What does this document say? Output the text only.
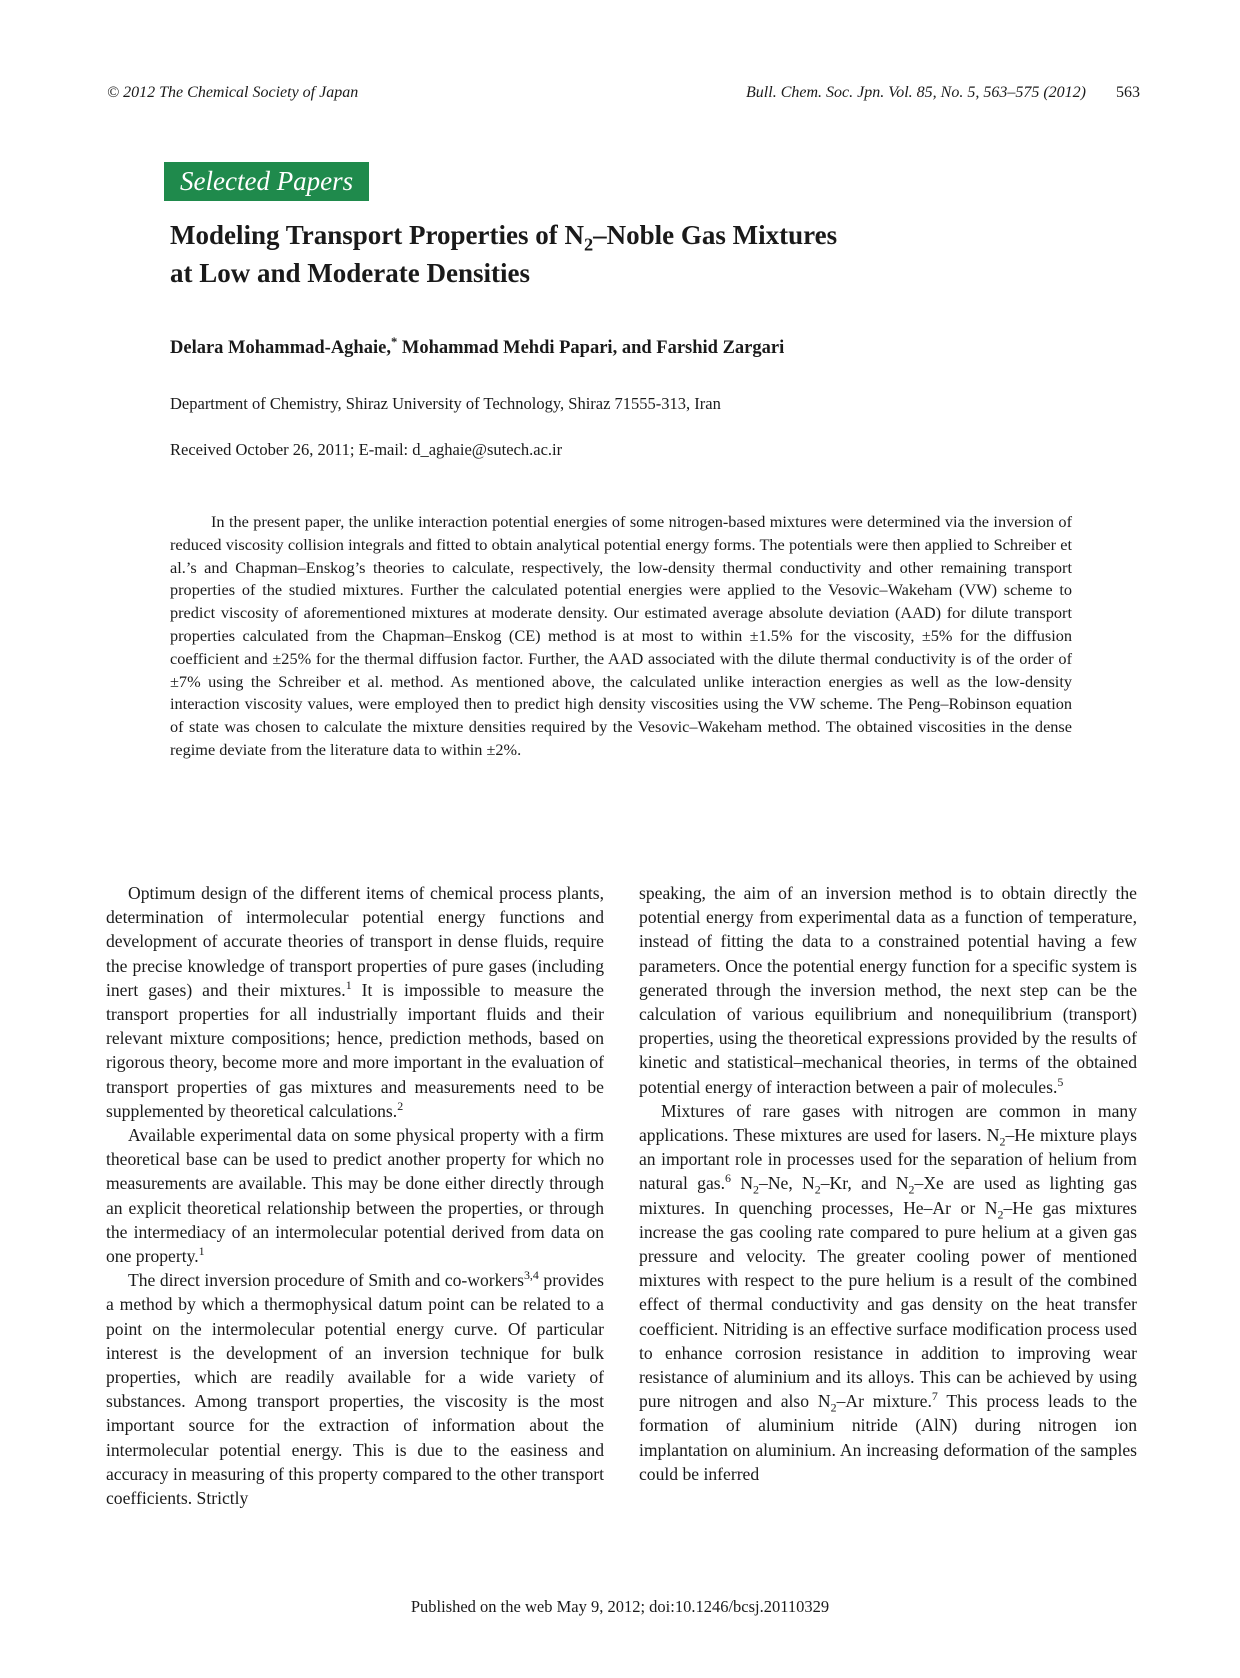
© 2012 The Chemical Society of Japan	Bull. Chem. Soc. Jpn. Vol. 85, No. 5, 563–575 (2012) 563
Selected Papers
Modeling Transport Properties of $N_2$–Noble Gas Mixtures
at Low and Moderate Densities
Delara Mohammad-Aghaie,* Mohammad Mehdi Papari, and Farshid Zargari
Department of Chemistry, Shiraz University of Technology, Shiraz 71555-313, Iran
Received October 26, 2011; E-mail: d_aghaie@sutech.ac.ir

In the present paper, the unlike interaction potential energies of some nitrogen-based mixtures were determined via the inversion of reduced viscosity collision integrals and fitted to obtain analytical potential energy forms. The potentials were then applied to Schreiber et al.’s and Chapman–Enskog’s theories to calculate, respectively, the low-density thermal conductivity and other remaining transport properties of the studied mixtures. Further the calculated potential energies were applied to the Vesovic–Wakeham (VW) scheme to predict viscosity of aforementioned mixtures at moderate density. Our estimated average absolute deviation (AAD) for dilute transport properties calculated from the Chapman–Enskog (CE) method is at most to within ±1.5% for the viscosity, ±5% for the diffusion coefficient and ±25% for the thermal diffusion factor. Further, the AAD associated with the dilute thermal conductivity is of the order of ±7% using the Schreiber et al. method. As mentioned above, the calculated unlike interaction energies as well as the low-density interaction viscosity values, were employed then to predict high density viscosities using the VW scheme. The Peng–Robinson equation of state was chosen to calculate the mixture densities required by the Vesovic–Wakeham method. The obtained viscosities in the dense regime deviate from the literature data to within ±2%.

Optimum design of the different items of chemical process plants, determination of intermolecular potential energy functions and development of accurate theories of transport in dense fluids, require the precise knowledge of transport properties of pure gases (including inert gases) and their mixtures.$^1$ It is impossible to measure the transport properties for all industrially important fluids and their relevant mixture compositions; hence, prediction methods, based on rigorous theory, become more and more important in the evaluation of transport properties of gas mixtures and measurements need to be supplemented by theoretical calculations.$^2$

Available experimental data on some physical property with a firm theoretical base can be used to predict another property for which no measurements are available. This may be done either directly through an explicit theoretical relationship between the properties, or through the intermediacy of an intermolecular potential derived from data on one property.$^1$

The direct inversion procedure of Smith and co-workers$^{3,4}$ provides a method by which a thermophysical datum point can be related to a point on the intermolecular potential energy curve. Of particular interest is the development of an inversion technique for bulk properties, which are readily available for a wide variety of substances. Among transport properties, the viscosity is the most important source for the extraction of information about the intermolecular potential energy. This is due to the easiness and accuracy in measuring of this property compared to the other transport coefficients. Strictly

speaking, the aim of an inversion method is to obtain directly the potential energy from experimental data as a function of temperature, instead of fitting the data to a constrained potential having a few parameters. Once the potential energy function for a specific system is generated through the inversion method, the next step can be the calculation of various equilibrium and nonequilibrium (transport) properties, using the theoretical expressions provided by the results of kinetic and statistical–mechanical theories, in terms of the obtained potential energy of interaction between a pair of molecules.$^5$

Mixtures of rare gases with nitrogen are common in many applications. These mixtures are used for lasers. $N_2-He$ mixture plays an important role in processes used for the separation of helium from natural gas.$^6$ $N_2-Ne$, $N_2-Kr$, and $N_2-Xe$ are used as lighting gas mixtures. In quenching processes, He–Ar or $N_2-He$ gas mixtures increase the gas cooling rate compared to pure helium at a given gas pressure and velocity. The greater cooling power of mentioned mixtures with respect to the pure helium is a result of the combined effect of thermal conductivity and gas density on the heat transfer coefficient. Nitriding is an effective surface modification process used to enhance corrosion resistance in addition to improving wear resistance of aluminium and its alloys. This can be achieved by using pure nitrogen and also $N_2-Ar$ mixture.$^7$ This process leads to the formation of aluminium nitride (AlN) during nitrogen ion implantation on aluminium. An increasing deformation of the samples could be inferred

Published on the web May 9, 2012; doi:10.1246/bcsj.20110329
